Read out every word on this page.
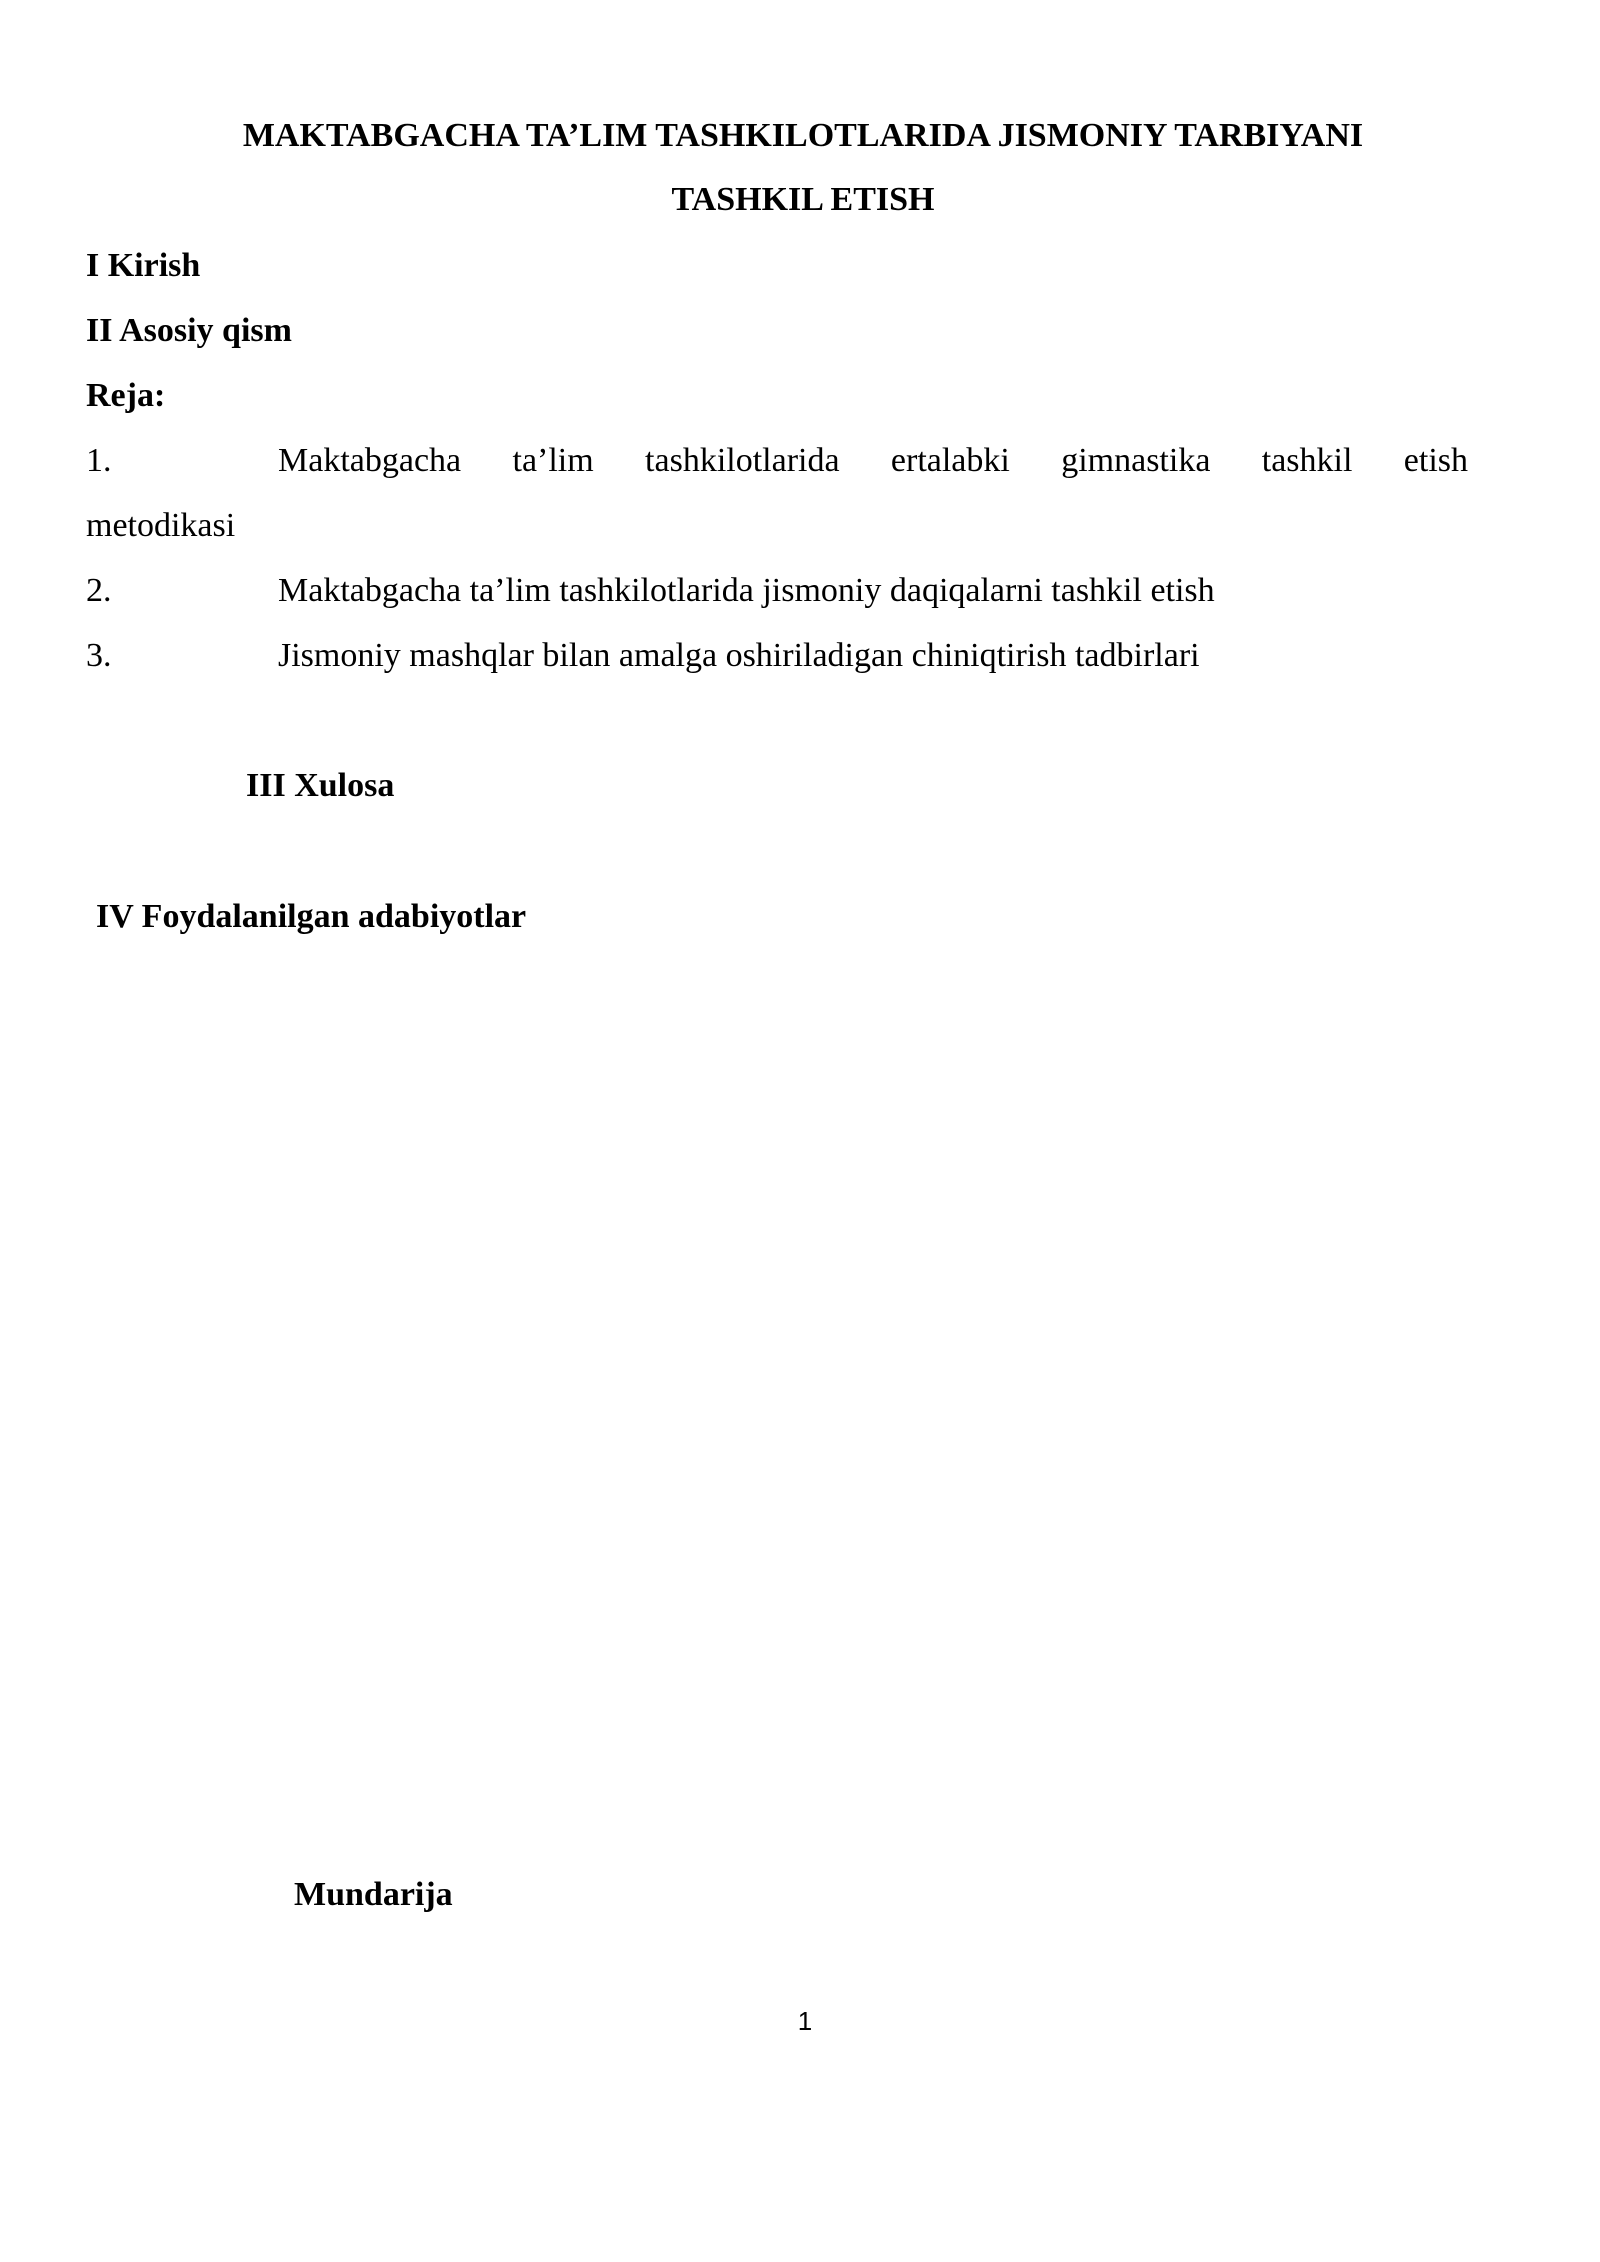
MAKTABGACHA TA’LIM TASHKILOTLARIDA JISMONIY TARBIYANI
TASHKIL ETISH
I Kirish
II Asosiy qism
Reja:
1.	Maktabgacha ta’lim tashkilotlarida ertalabki gimnastika tashkil etish
metodikasi
2.	Maktabgacha ta’lim tashkilotlarida jismoniy daqiqalarni tashkil etish
3.	Jismoniy mashqlar bilan amalga oshiriladigan chiniqtirish tadbirlari
III Xulosa
IV Foydalanilgan adabiyotlar
Mundarija
1
